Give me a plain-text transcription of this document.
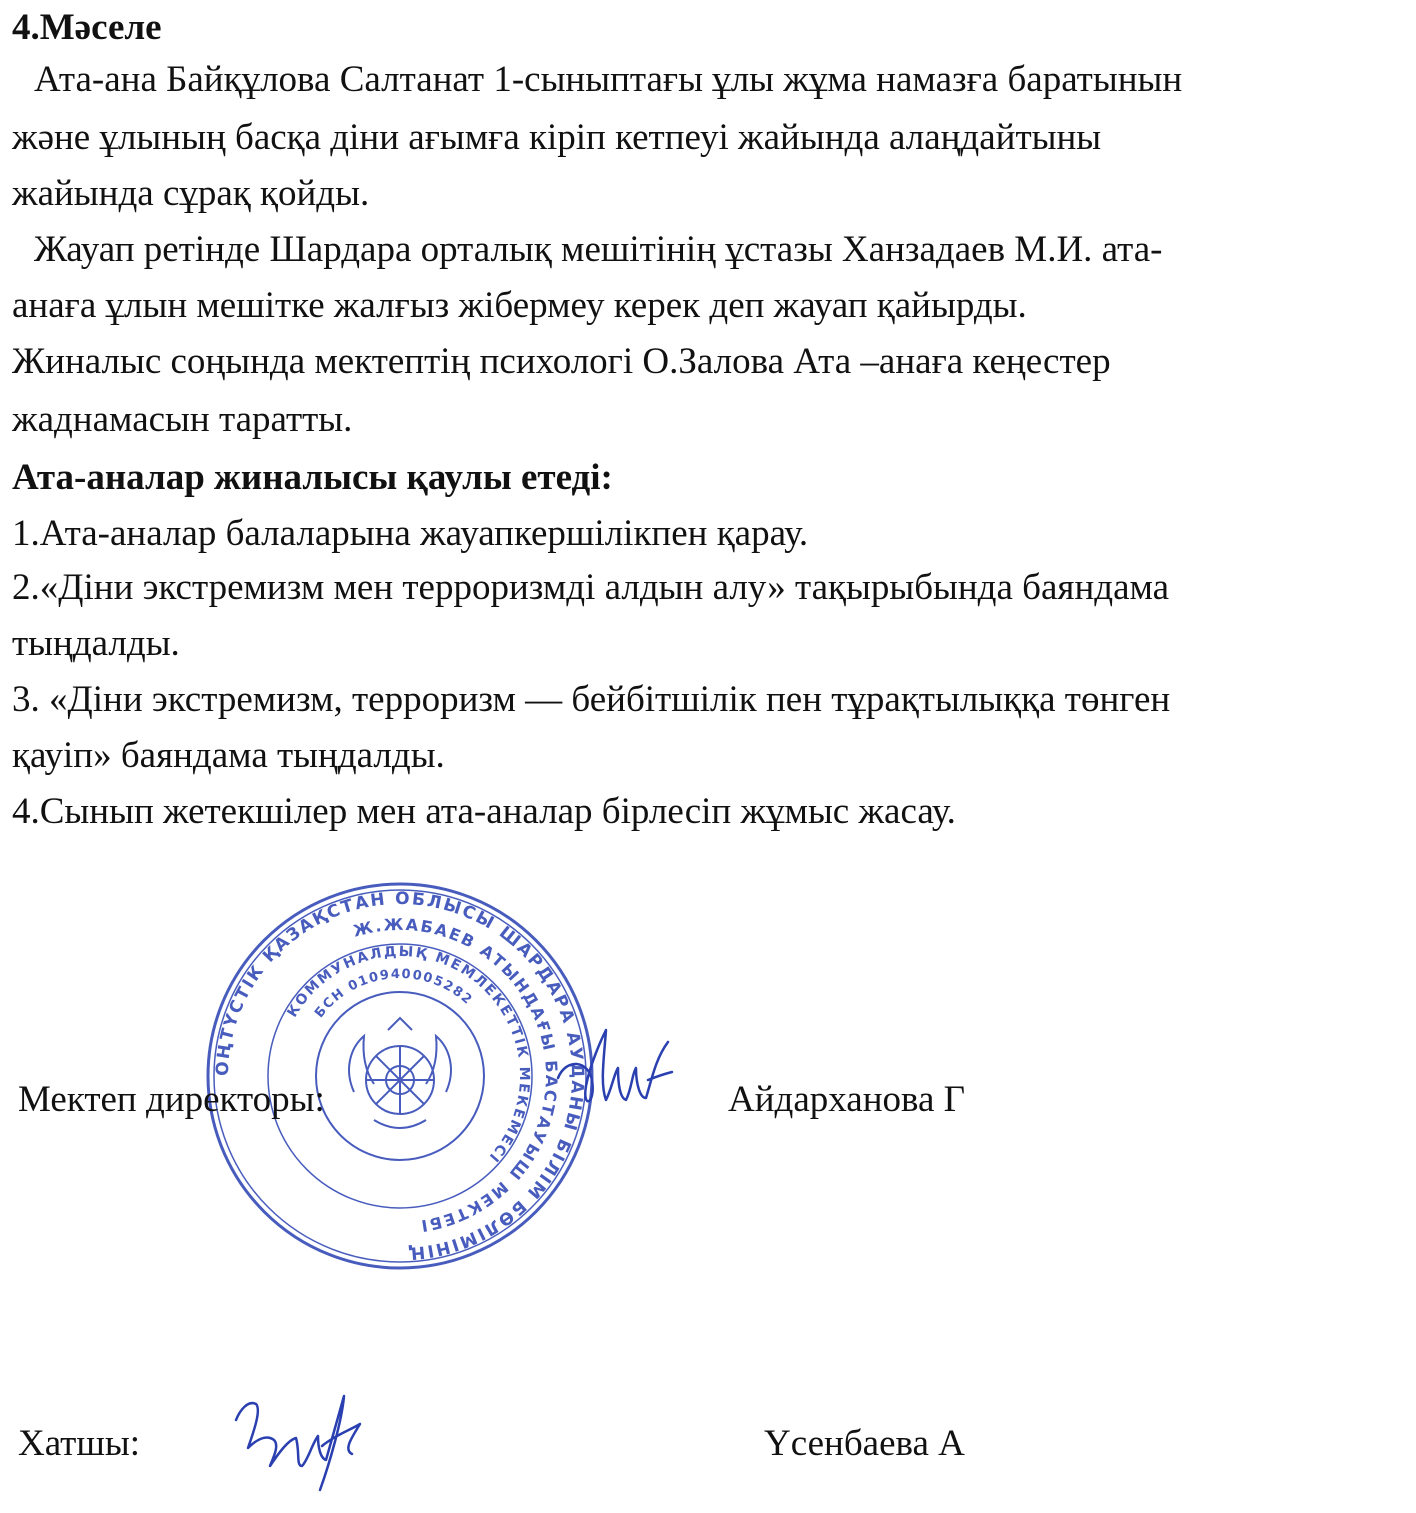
4.Мәселе
Ата-ана Байқұлова Салтанат 1-сыныптағы ұлы жұма намазға баратынын
және ұлының басқа діни ағымға кіріп кетпеуі жайында алаңдайтыны
жайында сұрақ қойды.
Жауап ретінде Шардара орталық мешітінің ұстазы Ханзадаев М.И. ата-
анаға ұлын мешітке жалғыз жібермеу керек деп жауап қайырды.
Жиналыс соңында мектептің психологі О.Залова Ата –анаға кеңестер
жаднамасын таратты.
Ата-аналар жиналысы қаулы етеді:
1.Ата-аналар балаларына жауапкершілікпен қарау.
2.«Діни экстремизм мен терроризмді алдын алу» тақырыбында баяндама
тыңдалды.
3. «Діни экстремизм, терроризм — бейбітшілік пен тұрақтылыққа төнген
қауіп» баяндама тыңдалды.
4.Сынып жетекшілер мен ата-аналар бірлесіп жұмыс жасау.
ОҢТҮСТІК ҚАЗАҚСТАН ОБЛЫСЫ ШАРДАРА АУДАНЫ БІЛІМ БӨЛІМІНІҢ
Ж.ЖАБАЕВ АТЫНДАҒЫ БАСТАУЫШ МЕКТЕБІ
КОММУНАЛДЫҚ МЕМЛЕКЕТТІК МЕКЕМЕСІ
БСН 010940005282
Мектеп директоры:	Айдарханова Г
Хатшы:	Үсенбаева А
